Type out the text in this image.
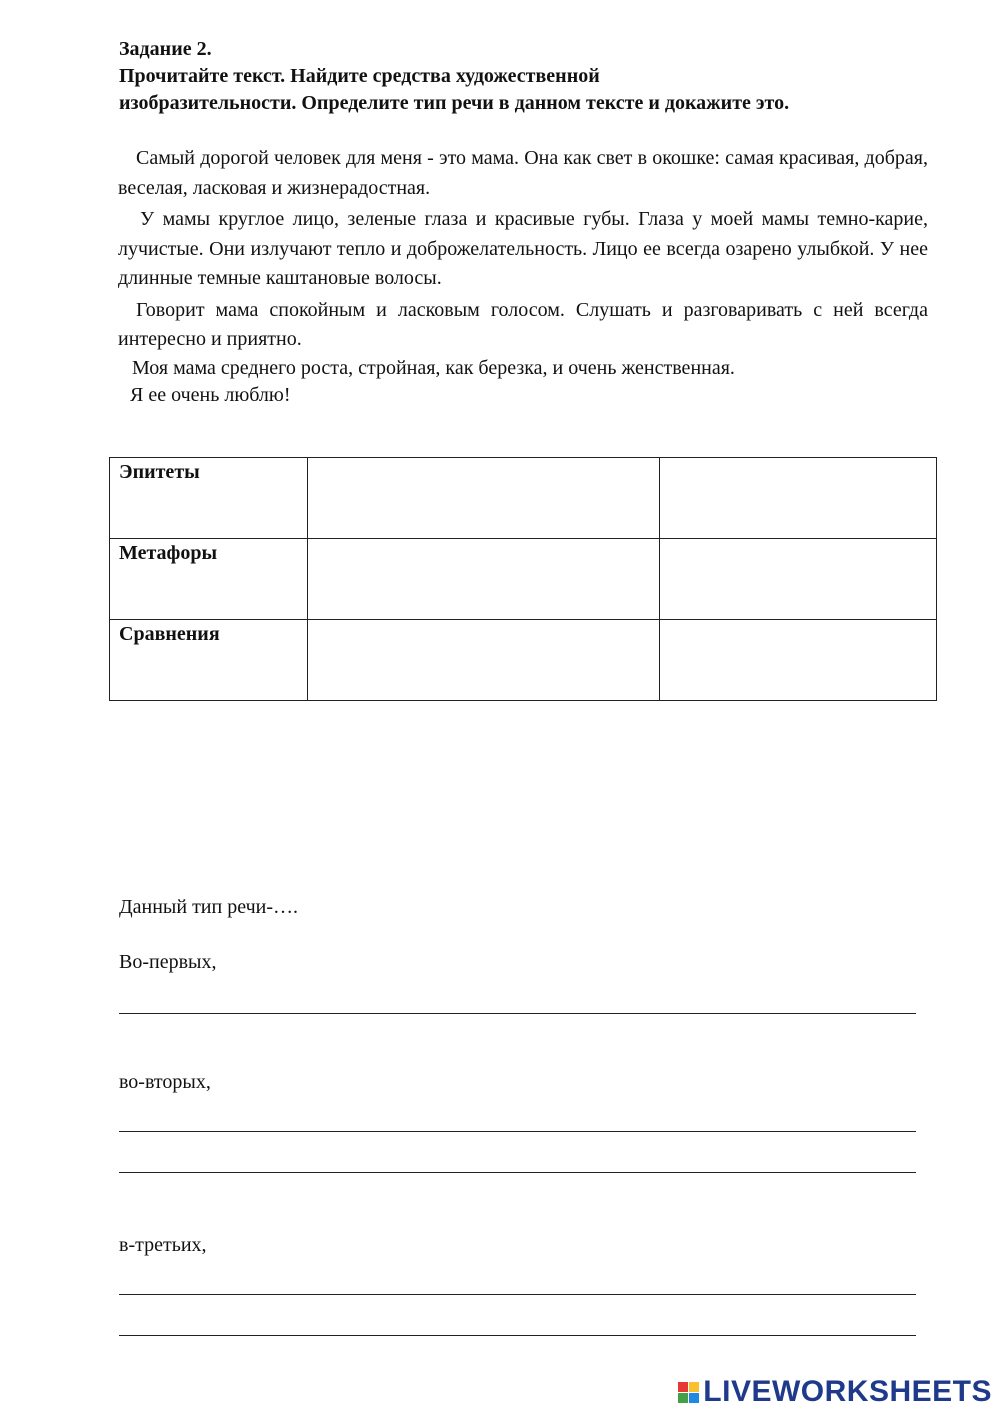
Задание 2.
Прочитайте текст. Найдите средства художественной
изобразительности. Определите тип речи в данном тексте и докажите это.

Самый дорогой человек для меня - это мама. Она как свет в окошке: самая красивая, добрая, веселая, ласковая и жизнерадостная.

У мамы круглое лицо, зеленые глаза и красивые губы. Глаза у моей мамы темно-карие, лучистые. Они излучают тепло и доброжелательность. Лицо ее всегда озарено улыбкой. У нее длинные темные каштановые волосы.

Говорит мама спокойным и ласковым голосом. Слушать и разговаривать с ней всегда интересно и приятно.

Моя мама среднего роста, стройная, как березка, и очень женственная.

Я ее очень люблю!

Эпитеты		
Метафоры		
Сравнения		
Данный тип речи-….
Во-первых,
во-вторых,
в-третьих,
LIVEWORKSHEETS
